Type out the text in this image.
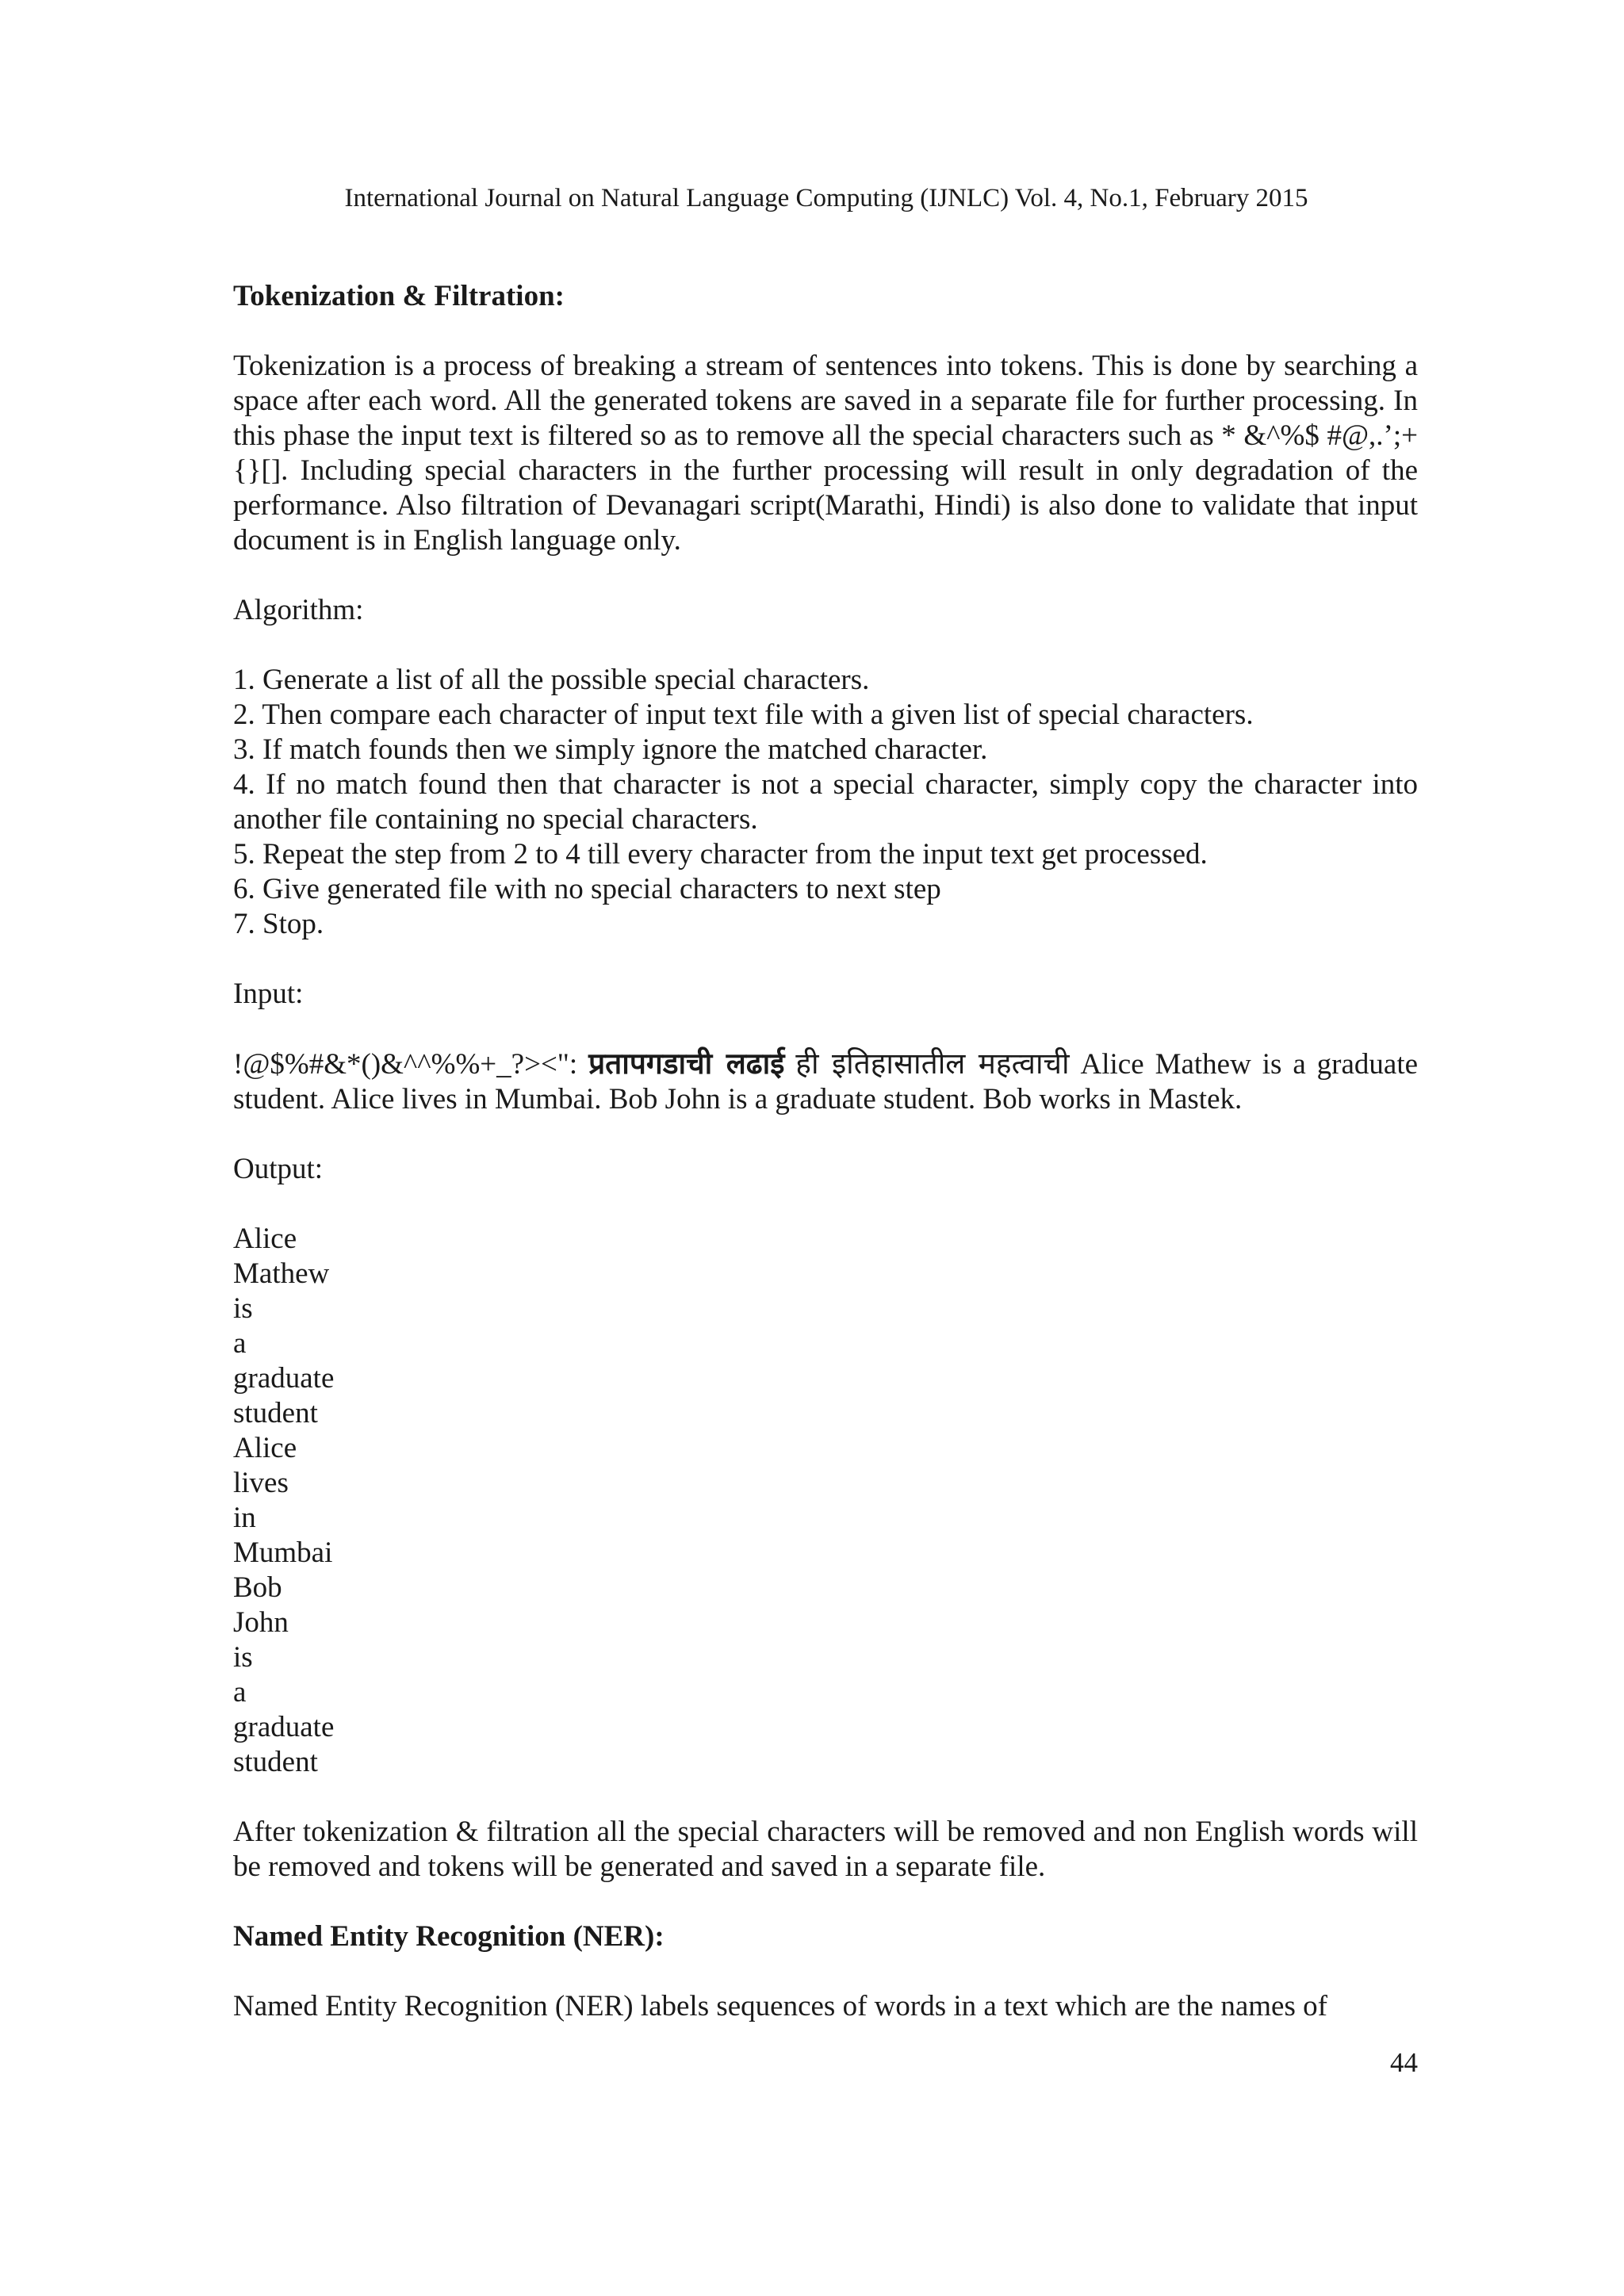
International Journal on Natural Language Computing (IJNLC) Vol. 4, No.1, February 2015

Tokenization & Filtration:

Tokenization is a process of breaking a stream of sentences into tokens. This is done by searching a space after each word. All the generated tokens are saved in a separate file for further processing. In this phase the input text is filtered so as to remove all the special characters such as * &^%$ #@,.’;+{}[]. Including special characters in the further processing will result in only degradation of the performance. Also filtration of Devanagari script(Marathi, Hindi) is also done to validate that input document is in English language only.

Algorithm:

1. Generate a list of all the possible special characters.
2. Then compare each character of input text file with a given list of special characters.
3. If match founds then we simply ignore the matched character.
4. If no match found then that character is not a special character, simply copy the character into another file containing no special characters.
5. Repeat the step from 2 to 4 till every character from the input text get processed.
6. Give generated file with no special characters to next step
7. Stop.

Input:

!@$%#&*()&^^%%+_?><": प्रतापगडाची लढाई ही इतिहासातील महत्वाची Alice Mathew is a graduate student. Alice lives in Mumbai. Bob John is a graduate student. Bob works in Mastek.

Output:

Alice
Mathew
is
a
graduate
student
Alice
lives
in
Mumbai
Bob
John
is
a
graduate
student

After tokenization & filtration all the special characters will be removed and non English words will be removed and tokens will be generated and saved in a separate file.

Named Entity Recognition (NER):

Named Entity Recognition (NER) labels sequences of words in a text which are the names of

44
